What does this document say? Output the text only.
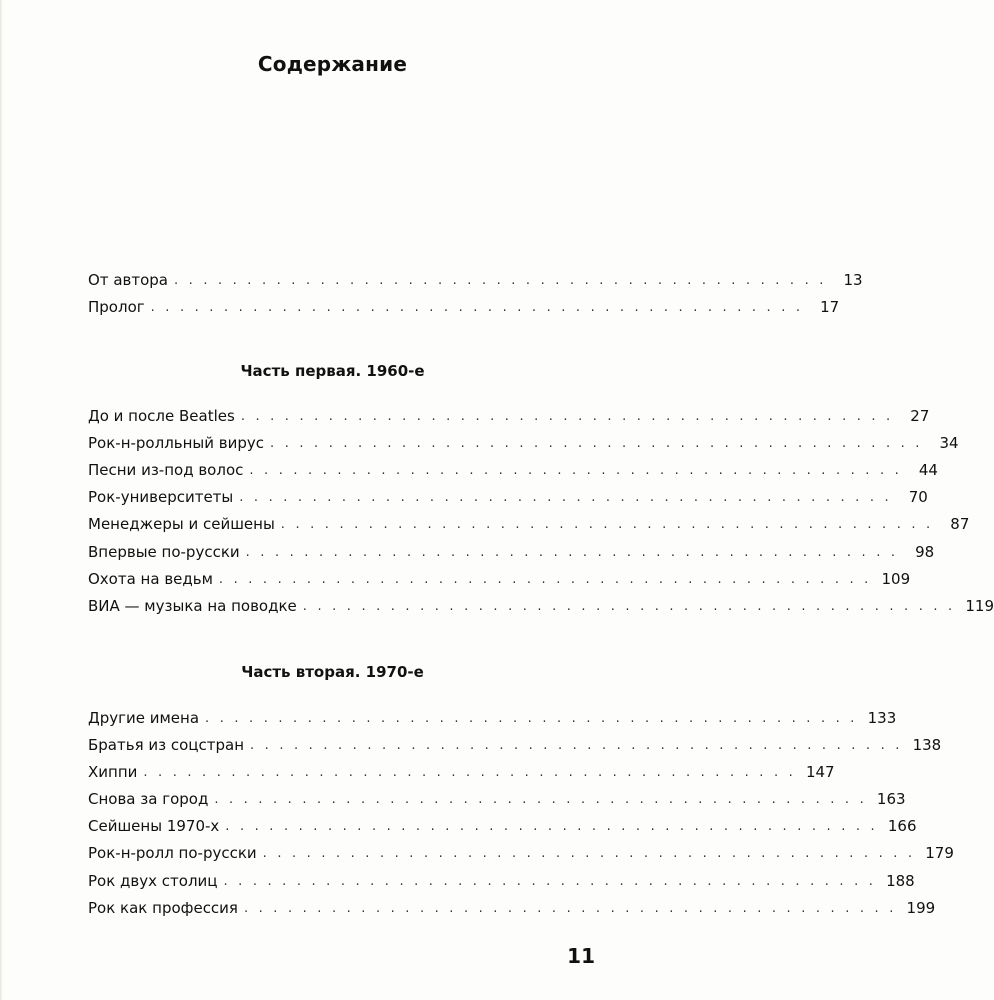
Содержание
От автора . . . . . . . . . . . . . . . . . . . . . . . . . . . . . . . . . . . . . . . . . . . . .	13
Пролог . . . . . . . . . . . . . . . . . . . . . . . . . . . . . . . . . . . . . . . . . . . . .	17
Часть первая. 1960-е
До и после Beatles . . . . . . . . . . . . . . . . . . . . . . . . . . . . . . . . . . . . . . . . . . . . .	27
Рок-н-ролльный вирус . . . . . . . . . . . . . . . . . . . . . . . . . . . . . . . . . . . . . . . . . . . . .	34
Песни из-под волос . . . . . . . . . . . . . . . . . . . . . . . . . . . . . . . . . . . . . . . . . . . . .	44
Рок-университеты . . . . . . . . . . . . . . . . . . . . . . . . . . . . . . . . . . . . . . . . . . . . .	70
Менеджеры и сейшены . . . . . . . . . . . . . . . . . . . . . . . . . . . . . . . . . . . . . . . . . . . . .	87
Впервые по-русски . . . . . . . . . . . . . . . . . . . . . . . . . . . . . . . . . . . . . . . . . . . . .	98
Охота на ведьм . . . . . . . . . . . . . . . . . . . . . . . . . . . . . . . . . . . . . . . . . . . . . 109
ВИА — музыка на поводке . . . . . . . . . . . . . . . . . . . . . . . . . . . . . . . . . . . . . . . . . . . . . 119
Часть вторая. 1970-е
Другие имена . . . . . . . . . . . . . . . . . . . . . . . . . . . . . . . . . . . . . . . . . . . . . 133
Братья из соцстран . . . . . . . . . . . . . . . . . . . . . . . . . . . . . . . . . . . . . . . . . . . . . 138
Хиппи . . . . . . . . . . . . . . . . . . . . . . . . . . . . . . . . . . . . . . . . . . . . . 147
Снова за город . . . . . . . . . . . . . . . . . . . . . . . . . . . . . . . . . . . . . . . . . . . . . 163
Сейшены 1970-х . . . . . . . . . . . . . . . . . . . . . . . . . . . . . . . . . . . . . . . . . . . . . 166
Рок-н-ролл по-русски . . . . . . . . . . . . . . . . . . . . . . . . . . . . . . . . . . . . . . . . . . . . . 179
Рок двух столиц . . . . . . . . . . . . . . . . . . . . . . . . . . . . . . . . . . . . . . . . . . . . . 188
Рок как профессия . . . . . . . . . . . . . . . . . . . . . . . . . . . . . . . . . . . . . . . . . . . . . 199
11
